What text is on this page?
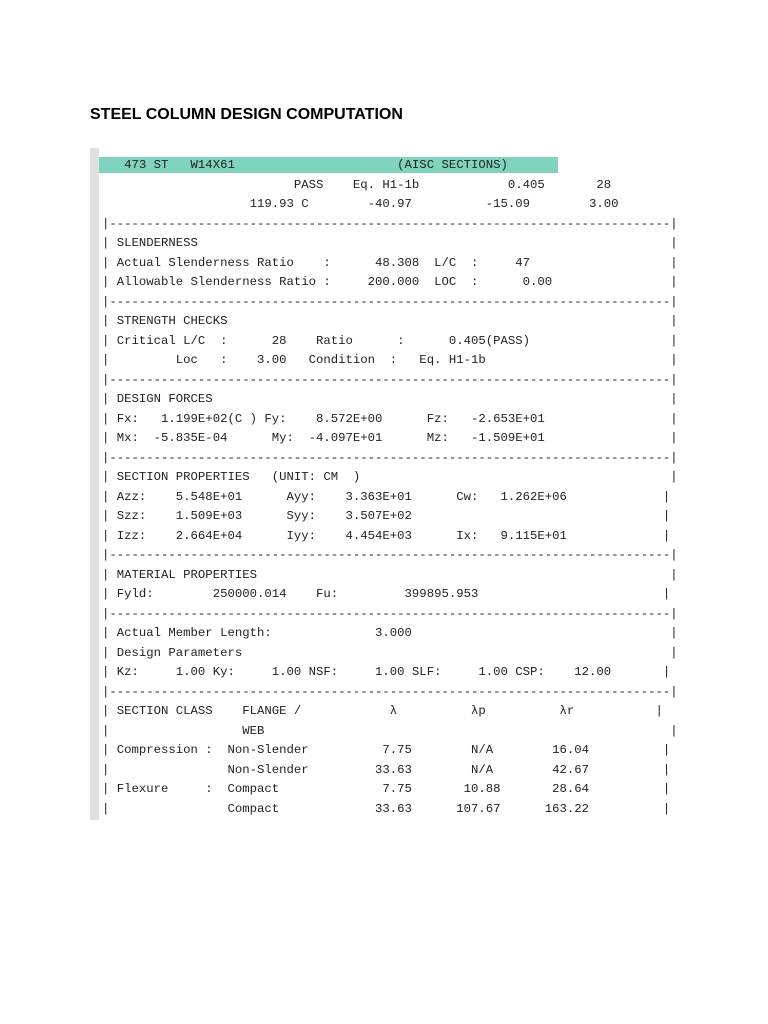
STEEL COLUMN DESIGN COMPUTATION
473 ST   W14X61                      (AISC SECTIONS)
PASS    Eq. H1-1b            0.405       28
119.93 C        -40.97          -15.09        3.00
|----------------------------------------------------------------------------|
| SLENDERNESS                                                                |
| Actual Slenderness Ratio    :      48.308  L/C  :     47                   |
| Allowable Slenderness Ratio :     200.000  LOC  :      0.00                |
|----------------------------------------------------------------------------|
| STRENGTH CHECKS                                                            |
| Critical L/C  :      28    Ratio      :      0.405(PASS)                   |
|         Loc   :    3.00   Condition  :   Eq. H1-1b                         |
|----------------------------------------------------------------------------|
| DESIGN FORCES                                                              |
| Fx:   1.199E+02(C ) Fy:    8.572E+00      Fz:   -2.653E+01                 |
| Mx:  -5.835E-04      My:  -4.097E+01      Mz:   -1.509E+01                 |
|----------------------------------------------------------------------------|
| SECTION PROPERTIES   (UNIT: CM  )                                          |
| Azz:    5.548E+01      Ayy:    3.363E+01      Cw:   1.262E+06             |
| Szz:    1.509E+03      Syy:    3.507E+02                                  |
| Izz:    2.664E+04      Iyy:    4.454E+03      Ix:   9.115E+01             |
|----------------------------------------------------------------------------|
| MATERIAL PROPERTIES                                                        |
| Fyld:        250000.014    Fu:         399895.953                         |
|----------------------------------------------------------------------------|
| Actual Member Length:              3.000                                   |
| Design Parameters                                                          |
| Kz:     1.00 Ky:     1.00 NSF:     1.00 SLF:     1.00 CSP:    12.00       |
|----------------------------------------------------------------------------|
| SECTION CLASS    FLANGE /            λ          λp          λr           |
|                  WEB                                                       |
| Compression :  Non-Slender          7.75        N/A        16.04          |
|                Non-Slender         33.63        N/A        42.67          |
| Flexure     :  Compact              7.75       10.88       28.64          |
|                Compact             33.63      107.67      163.22          |
